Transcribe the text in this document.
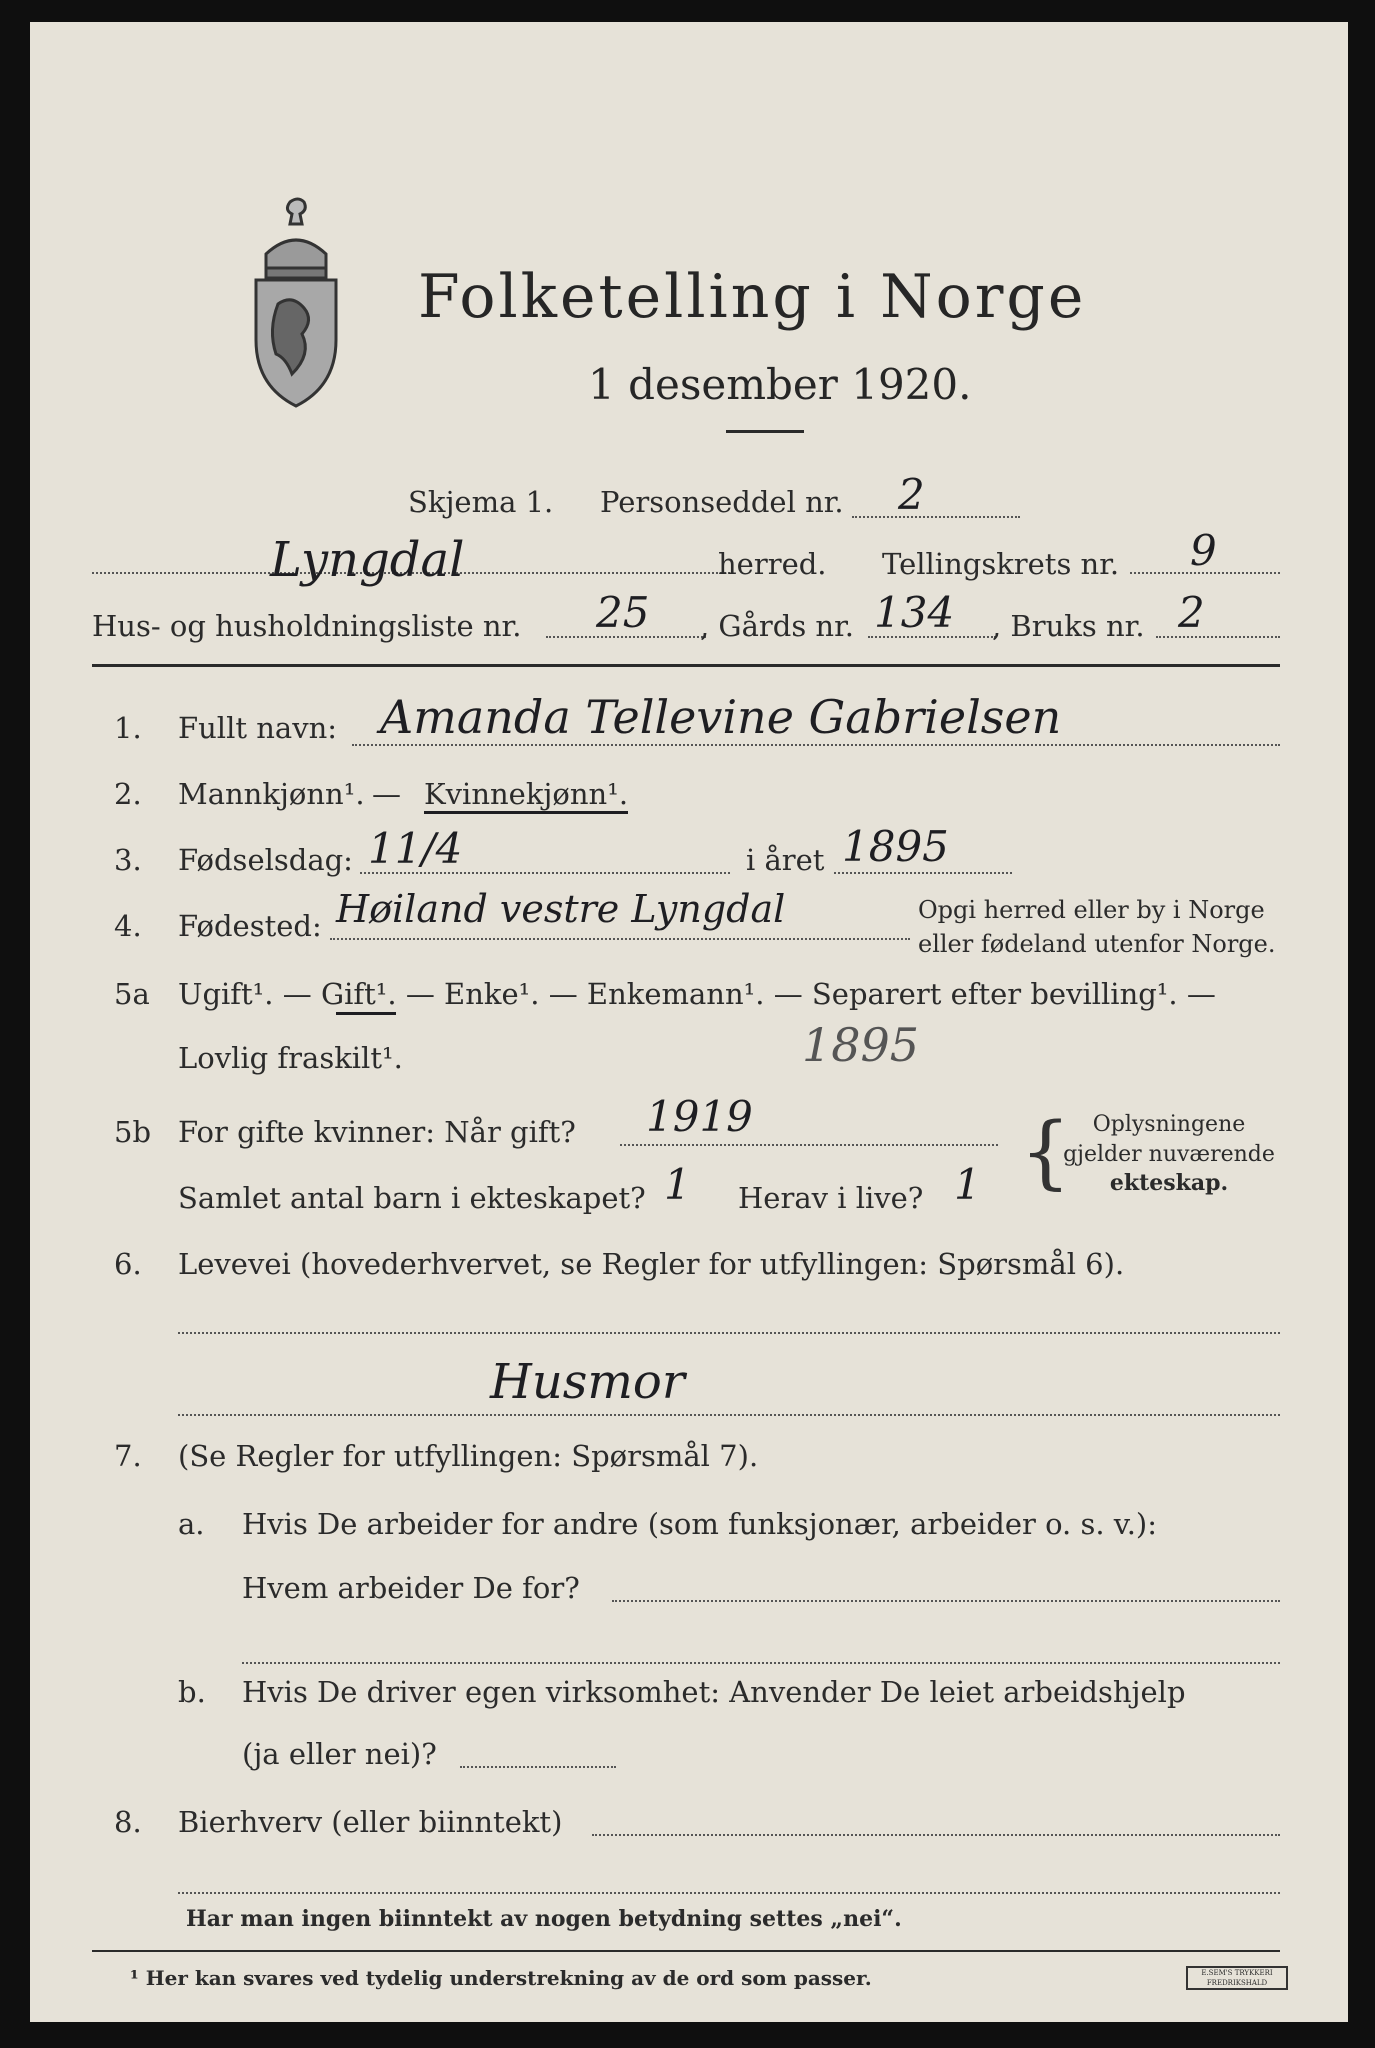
Folketelling i Norge
1 desember 1920.
Skjema 1. Personseddel nr. 2
Lyngdal	herred. Tellingskrets nr. 9
Hus- og husholdningsliste nr. 25 , Gårds nr. 134 , Bruks nr. 2
1. Fullt navn: Amanda Tellevine Gabrielsen
2. Mannkjønn¹. — Kvinnekjønn¹.
3. Fødselsdag: 11/4	i året 1895
4. Fødested: Høiland vestre Lyngdal	Opgi herred eller by i Norge
eller fødeland utenfor Norge.
5a Ugift¹. — Gift¹. — Enke¹. — Enkemann¹. — Separert efter bevilling¹. —
Lovlig fraskilt¹.	1895
5b For gifte kvinner: Når gift? 1919
Samlet antal barn i ekteskapet? 1 Herav i live? 1 { Oplysningene
gjelder nuværende
ekteskap.
6. Levevei (hovederhvervet, se Regler for utfyllingen: Spørsmål 6).
Husmor
7. (Se Regler for utfyllingen: Spørsmål 7).
a. Hvis De arbeider for andre (som funksjonær, arbeider o. s. v.):
Hvem arbeider De for?
b. Hvis De driver egen virksomhet: Anvender De leiet arbeidshjelp
(ja eller nei)?
8. Bierhverv (eller biinntekt)
Har man ingen biinntekt av nogen betydning settes „nei“.
¹ Her kan svares ved tydelig understrekning av de ord som passer.	E.SEM'S TRYKKERI FREDRIKSHALD
